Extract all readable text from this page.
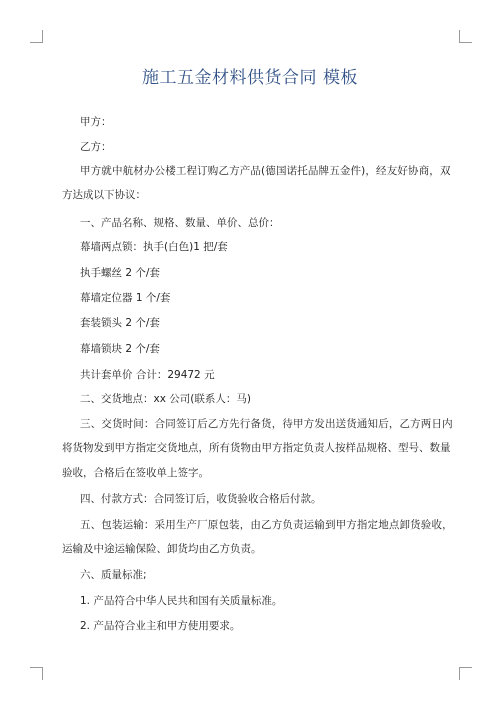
施工五金材料供货合同 模板
甲方：
乙方：
甲方就中航材办公楼工程订购乙方产品(德国诺托品牌五金件)，经友好协商，双
方达成以下协议：
一、产品名称、规格、数量、单价、总价：
幕墙两点锁：执手(白色)1 把/套
执手螺丝 2 个/套
幕墙定位器 1 个/套
套装锁头 2 个/套
幕墙锁块 2 个/套
共计套单价 合计：29472 元
二、交货地点：xx 公司(联系人：马)
三、交货时间：合同签订后乙方先行备货，待甲方发出送货通知后，乙方两日内
将货物发到甲方指定交货地点，所有货物由甲方指定负责人按样品规格、型号、数量
验收，合格后在签收单上签字。
四、付款方式：合同签订后，收货验收合格后付款。
五、包装运输：采用生产厂原包装，由乙方负责运输到甲方指定地点卸货验收，
运输及中途运输保险、卸货均由乙方负责。
六、质量标准;
1. 产品符合中华人民共和国有关质量标准。
2. 产品符合业主和甲方使用要求。
